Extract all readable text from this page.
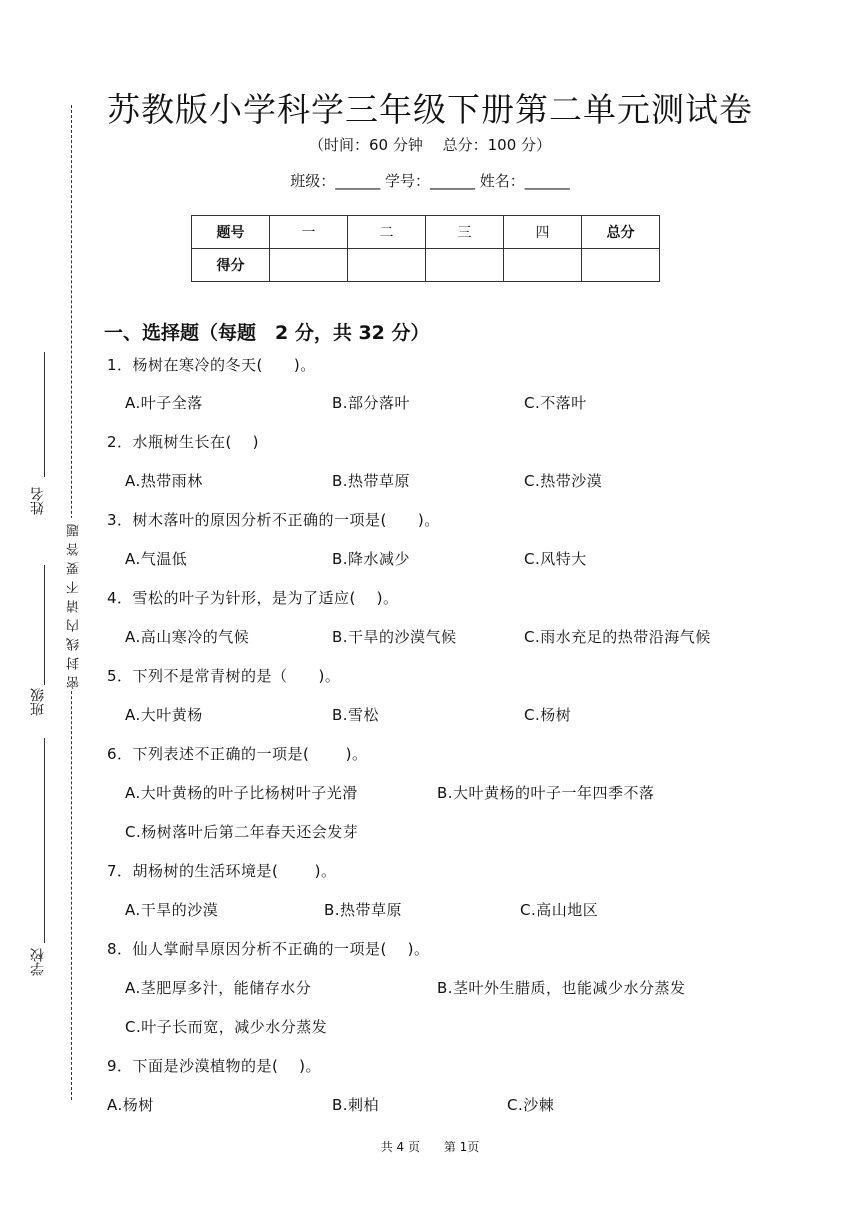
密封线内请不要答题
姓名
班级
学校
苏教版小学科学三年级下册第二单元测试卷
（时间：60 分钟　 总分：100 分）
班级：______ 学号：______ 姓名：______
题号	一	二	三	四	总分
得分					
一、选择题（每题　2 分，共 32 分）
1．杨树在寒冷的冬天(　　)。
A.叶子全落	B.部分落叶	C.不落叶
2．水瓶树生长在(　 )
A.热带雨林	B.热带草原	C.热带沙漠
3．树木落叶的原因分析不正确的一项是(　　)。
A.气温低	B.降水减少	C.风特大
4．雪松的叶子为针形，是为了适应(　 )。
A.高山寒冷的气候	B.干旱的沙漠气候	C.雨水充足的热带沿海气候
5．下列不是常青树的是（　　)。
A.大叶黄杨	B.雪松	C.杨树
6．下列表述不正确的一项是(　　 )。
A.大叶黄杨的叶子比杨树叶子光滑	B.大叶黄杨的叶子一年四季不落
C.杨树落叶后第二年春天还会发芽
7．胡杨树的生活环境是(　　 )。
A.干旱的沙漠	B.热带草原	C.高山地区
8．仙人掌耐旱原因分析不正确的一项是(　 )。
A.茎肥厚多汁，能储存水分	B.茎叶外生腊质，也能减少水分蒸发
C.叶子长而宽，减少水分蒸发
9．下面是沙漠植物的是(　 )。
A.杨树	B.刺柏	C.沙棘
共 4 页 第 1页
